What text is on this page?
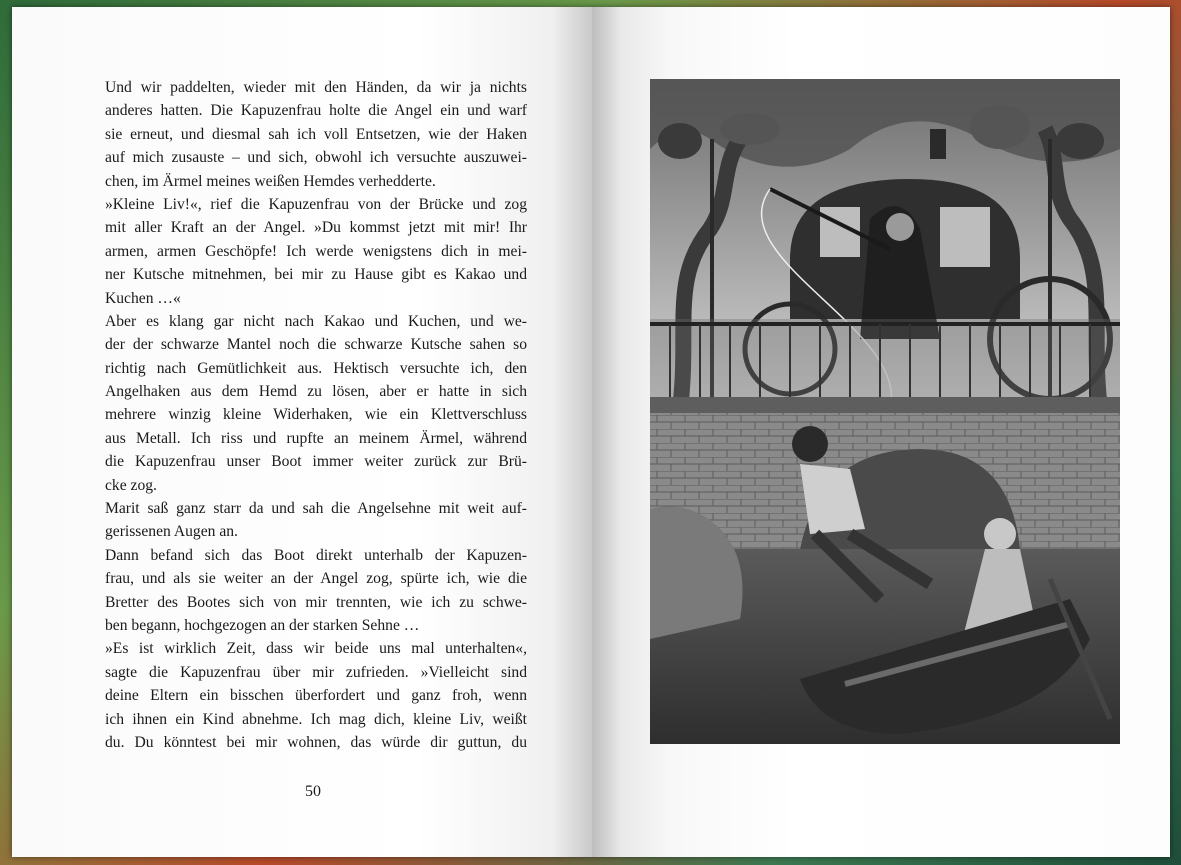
Und wir paddelten, wieder mit den Händen, da wir ja nichts
anderes hatten. Die Kapuzenfrau holte die Angel ein und warf
sie erneut, und diesmal sah ich voll Entsetzen, wie der Haken
auf mich zusauste – und sich, obwohl ich versuchte auszuwei-
chen, im Ärmel meines weißen Hemdes verhedderte.
»Kleine Liv!«, rief die Kapuzenfrau von der Brücke und zog
mit aller Kraft an der Angel. »Du kommst jetzt mit mir! Ihr
armen, armen Geschöpfe! Ich werde wenigstens dich in mei-
ner Kutsche mitnehmen, bei mir zu Hause gibt es Kakao und
Kuchen …«
Aber es klang gar nicht nach Kakao und Kuchen, und we-
der der schwarze Mantel noch die schwarze Kutsche sahen so
richtig nach Gemütlichkeit aus. Hektisch versuchte ich, den
Angelhaken aus dem Hemd zu lösen, aber er hatte in sich
mehrere winzig kleine Widerhaken, wie ein Klettverschluss
aus Metall. Ich riss und rupfte an meinem Ärmel, während
die Kapuzenfrau unser Boot immer weiter zurück zur Brü-
cke zog.
Marit saß ganz starr da und sah die Angelsehne mit weit auf-
gerissenen Augen an.
Dann befand sich das Boot direkt unterhalb der Kapuzen-
frau, und als sie weiter an der Angel zog, spürte ich, wie die
Bretter des Bootes sich von mir trennten, wie ich zu schwe-
ben begann, hochgezogen an der starken Sehne …
»Es ist wirklich Zeit, dass wir beide uns mal unterhalten«,
sagte die Kapuzenfrau über mir zufrieden. »Vielleicht sind
deine Eltern ein bisschen überfordert und ganz froh, wenn
ich ihnen ein Kind abnehme. Ich mag dich, kleine Liv, weißt
du. Du könntest bei mir wohnen, das würde dir guttun, du
50
